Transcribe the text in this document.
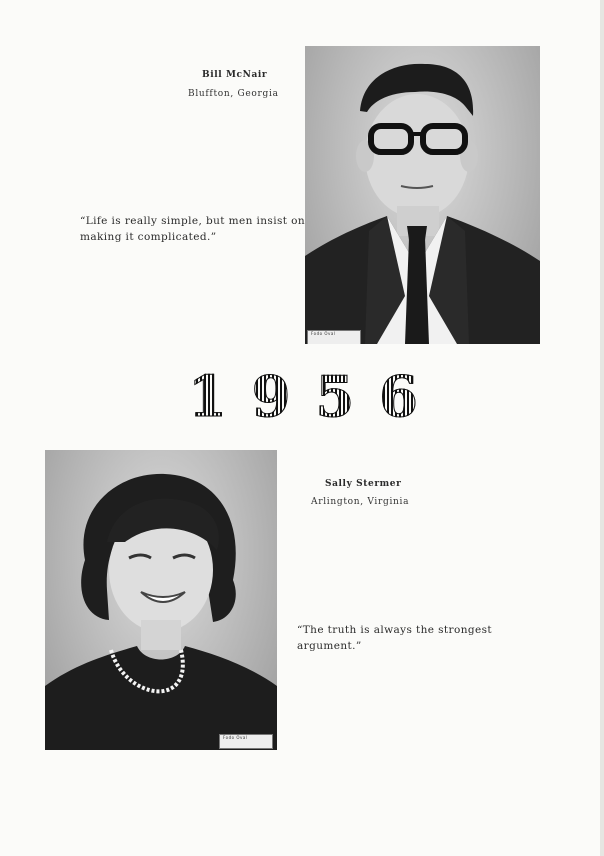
Bill McNair
Bluffton, Georgia
“Life is really simple, but men insist on making it complicated.”
Fodo Oval
1 9 5 6
Fodo Oval
Sally Stermer
Arlington, Virginia
“The truth is always the strongest argument.”
